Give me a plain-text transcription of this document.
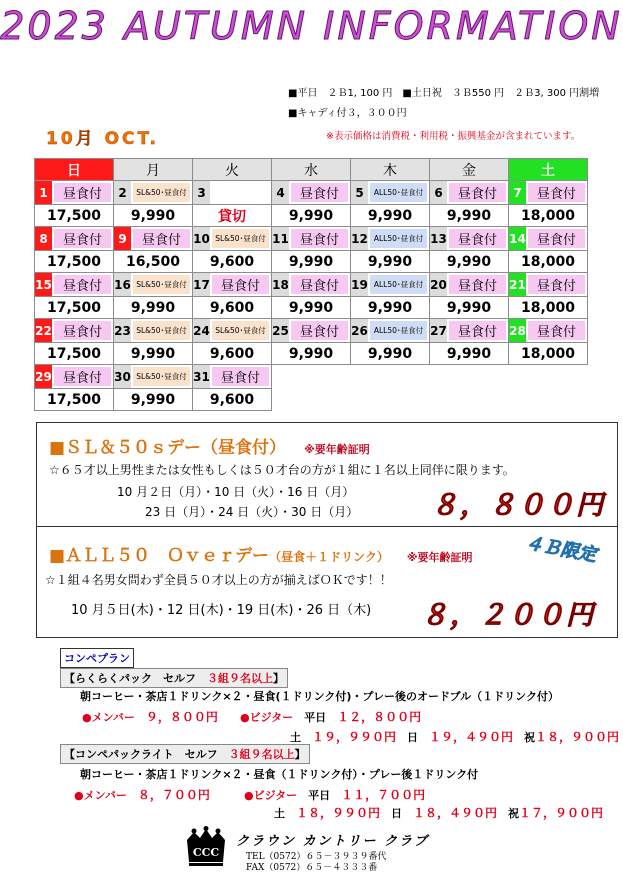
2023 AUTUMN INFORMATION
■平日　２Ｂ1, 100 円　■土日祝　３Ｂ550 円　２Ｂ3, 300 円割増
■キャディ付３，３００円
10月 OCT.	※表示価格は消費税・利用税・振興基金が含まれています。
日	月	火	水	木	金	土

1 昼食付	2 SL&50･昼食付	3	4 昼食付	5 ALL50･昼食付	6 昼食付	7 昼食付

17,500	9,990	貸切	9,990	9,990	9,990	18,000

8 昼食付	9 昼食付	10 SL&50･昼食付	11 昼食付	12 ALL50･昼食付	13 昼食付	14 昼食付

17,500	16,500	9,600	9,990	9,990	9,990	18,000

15 昼食付	16 SL&50･昼食付	17 昼食付	18 昼食付	19 ALL50･昼食付	20 昼食付	21 昼食付

17,500	9,990	9,600	9,990	9,990	9,990	18,000

22 昼食付	23 SL&50･昼食付	24 SL&50･昼食付	25 昼食付	26 ALL50･昼食付	27 昼食付	28 昼食付

17,500	9,990	9,600	9,990	9,990	9,990	18,000

29 昼食付	30 SL&50･昼食付	31 昼食付				

17,500	9,990	9,600				
■ＳＬ＆５０ｓデー（昼食付） ※要年齢証明
☆６５才以上男性または女性もしくは５０才台の方が１組に１名以上同伴に限ります。
10 月２日（月）・10 日（火）・16 日（月）
23 日（月）・24 日（火）・30 日（月）	８，８００円
■ＡＬＬ５０　Ｏｖｅｒデー（昼食＋１ドリンク） ※要年齢証明	４Ｂ限定
☆１組４名男女問わず全員５０才以上の方が揃えばＯＫです！！
10 月５日(木)・12 日(木)・19 日(木)・26 日（木) ８，２００円
コンペプラン
【らくらくパック　セルフ　 ３組９名以上】
朝コーヒー・茶店１ドリンク×２・昼食(１ドリンク付)・プレー後のオードブル（１ドリンク付）
●メンバー　 ９，８００円 ●ビジター　 平日　 １２，８００円
土　 １９，９９０円　 日　 １９，４９０円　 祝１８，９００円
【コンペパックライト　セルフ　 ３組９名以上】
朝コーヒー・茶店１ドリンク×２・昼食（１ドリンク付）・プレー後１ドリンク付
●メンバー　 ８，７００円	●ビジター　 平日　 １１，７００円
土　 １８，９９０円　 日　 １８，４９０円　 祝１７，９００円
CCC
クラウン カントリー クラブ
TEL（0572）６５－３９３９番代
FAX（0572）６５－４３３３番
